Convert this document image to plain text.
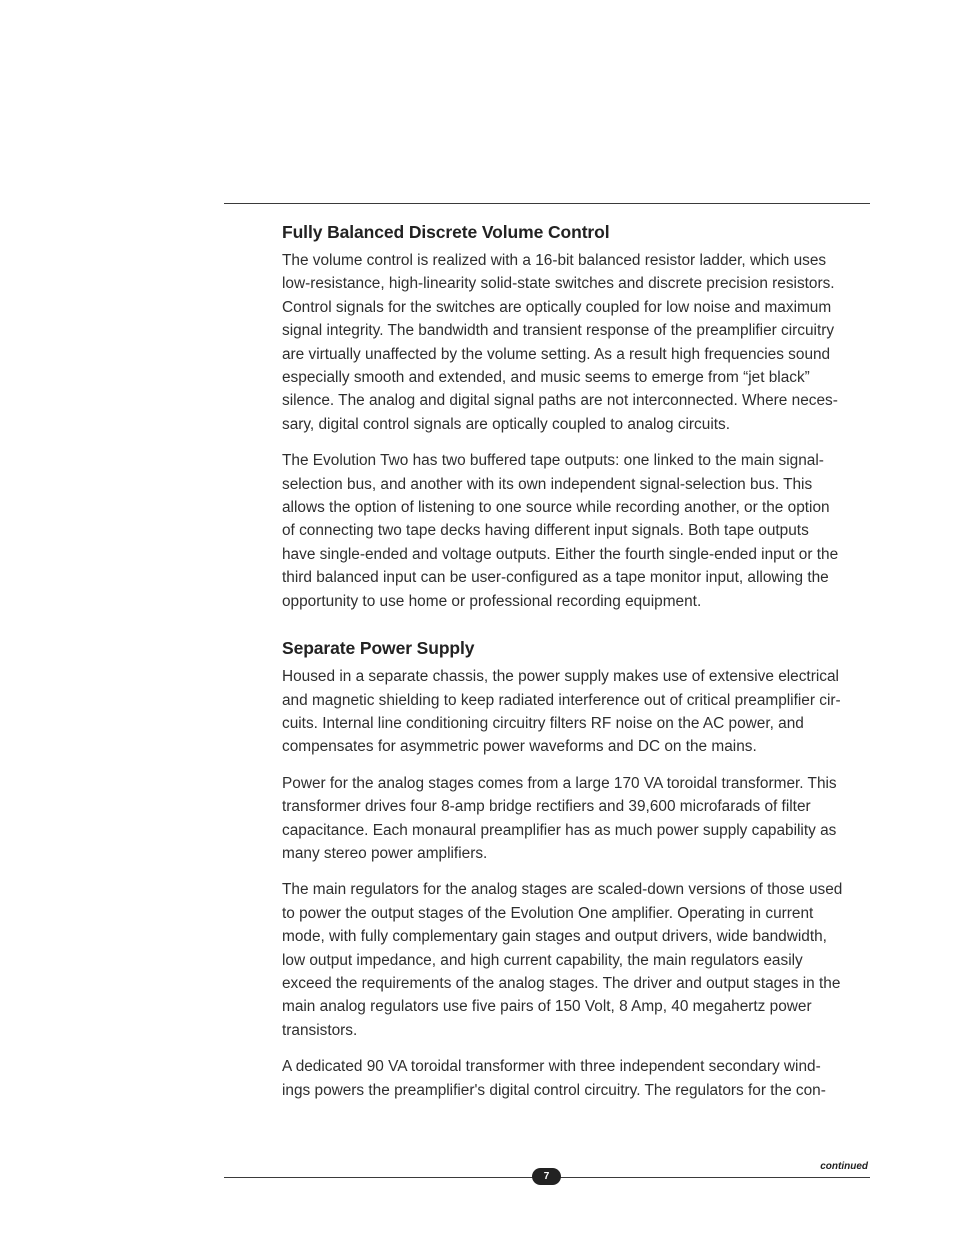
Fully Balanced Discrete Volume Control

The volume control is realized with a 16-bit balanced resistor ladder, which uses
low-resistance, high-linearity solid-state switches and discrete precision resistors.
Control signals for the switches are optically coupled for low noise and maximum
signal integrity. The bandwidth and transient response of the preamplifier circuitry
are virtually unaffected by the volume setting. As a result high frequencies sound
especially smooth and extended, and music seems to emerge from “jet black”
silence. The analog and digital signal paths are not interconnected. Where neces-
sary, digital control signals are optically coupled to analog circuits.

The Evolution Two has two buffered tape outputs: one linked to the main signal-
selection bus, and another with its own independent signal-selection bus. This
allows the option of listening to one source while recording another, or the option
of connecting two tape decks having different input signals. Both tape outputs
have single-ended and voltage outputs. Either the fourth single-ended input or the
third balanced input can be user-configured as a tape monitor input, allowing the
opportunity to use home or professional recording equipment.

Separate Power Supply

Housed in a separate chassis, the power supply makes use of extensive electrical
and magnetic shielding to keep radiated interference out of critical preamplifier cir-
cuits. Internal line conditioning circuitry filters RF noise on the AC power, and
compensates for asymmetric power waveforms and DC on the mains.

Power for the analog stages comes from a large 170 VA toroidal transformer. This
transformer drives four 8-amp bridge rectifiers and 39,600 microfarads of filter
capacitance. Each monaural preamplifier has as much power supply capability as
many stereo power amplifiers.

The main regulators for the analog stages are scaled-down versions of those used
to power the output stages of the Evolution One amplifier. Operating in current
mode, with fully complementary gain stages and output drivers, wide bandwidth,
low output impedance, and high current capability, the main regulators easily
exceed the requirements of the analog stages. The driver and output stages in the
main analog regulators use five pairs of 150 Volt, 8 Amp, 40 megahertz power
transistors.

A dedicated 90 VA toroidal transformer with three independent secondary wind-
ings powers the preamplifier's digital control circuitry. The regulators for the con-

continued
7
